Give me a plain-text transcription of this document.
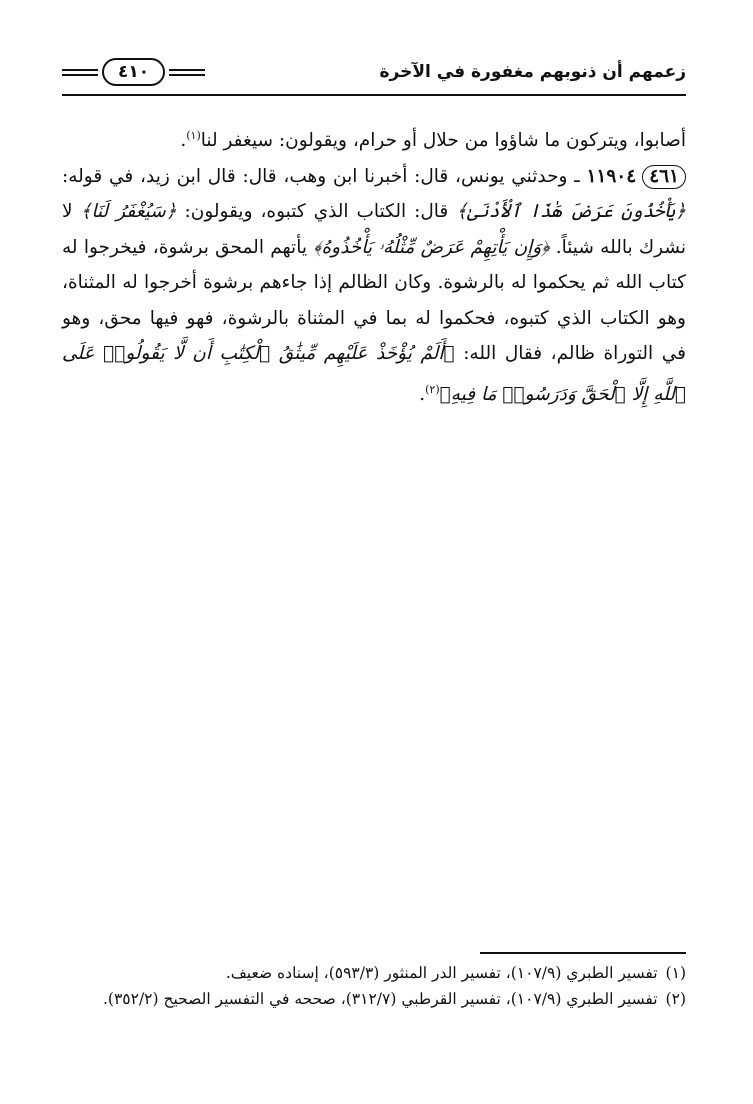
٤١٠	زعمهم أن ذنوبهم مغفورة في الآخرة

أصابوا، ويتركون ما شاؤوا من حلال أو حرام، ويقولون: سيغفر لنا$^{(١)}$.

٤٦١١١٩٠٤ ـ وحدثني يونس، قال: أخبرنا ابن وهب، قال: قال ابن زيد، في قوله: ﴿يَأْخُذُونَ عَرَضَ هَٰذَا ٱلْأَدْنَىٰ﴾ قال: الكتاب الذي كتبوه، ويقولون: ﴿سَيُغْفَرُ لَنَا﴾ لا نشرك بالله شيئاً. ﴿وَإِن يَأْتِهِمْ عَرَضٌ مِّثْلُهُۥ يَأْخُذُوهُ﴾ يأتهم المحق برشوة، فيخرجوا له كتاب الله ثم يحكموا له بالرشوة. وكان الظالم إذا جاءهم برشوة أخرجوا له المثناة، وهو الكتاب الذي كتبوه، فحكموا له بما في المثناة بالرشوة، فهو فيها محق، وهو في التوراة ظالم، فقال الله: ﴿أَلَمْ يُؤْخَذْ عَلَيْهِم مِّيثَٰقُ ٱلْكِتَٰبِ أَن لَّا يَقُولُوا۟ عَلَى ٱللَّهِ إِلَّا ٱلْحَقَّ وَدَرَسُوا۟ مَا فِيهِ﴾$^{(٢)}$.

(١)
تفسير الطبري (١٠٧/٩)، تفسير الدر المنثور (٥٩٣/٣)، إسناده ضعيف.
(٢)
تفسير الطبري (١٠٧/٩)، تفسير القرطبي (٣١٢/٧)، صححه في التفسير الصحيح (٣٥٢/٢).
